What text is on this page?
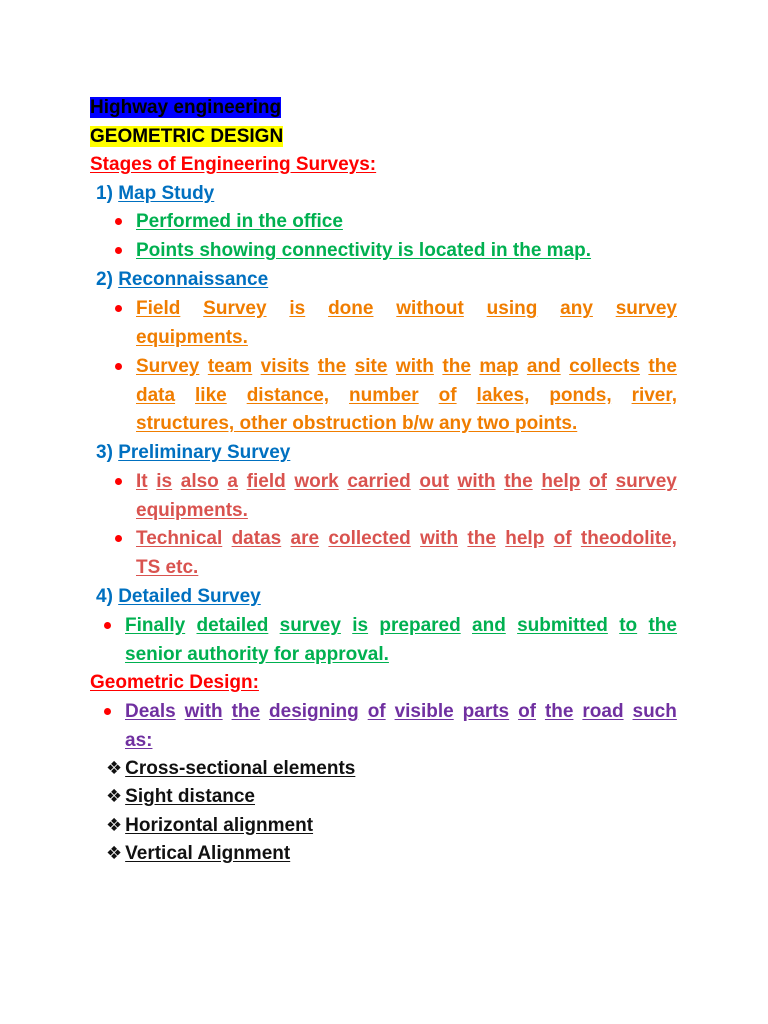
Highway engineering
GEOMETRIC DESIGN
Stages of Engineering Surveys:
1) Map Study
Performed in the office
Points showing connectivity is located in the map.
2) Reconnaissance
Field Survey is done without using any survey
equipments.
Survey team visits the site with the map and collects the
data like distance, number of lakes, ponds, river,
structures, other obstruction b/w any two points.
3) Preliminary Survey
It is also a field work carried out with the help of survey
equipments.
Technical datas are collected with the help of theodolite,
TS etc.
4) Detailed Survey
Finally detailed survey is prepared and submitted to the
senior authority for approval.
Geometric Design:
Deals with the designing of visible parts of the road such
as:
❖ Cross-sectional elements
❖ Sight distance
❖ Horizontal alignment
❖ Vertical Alignment
